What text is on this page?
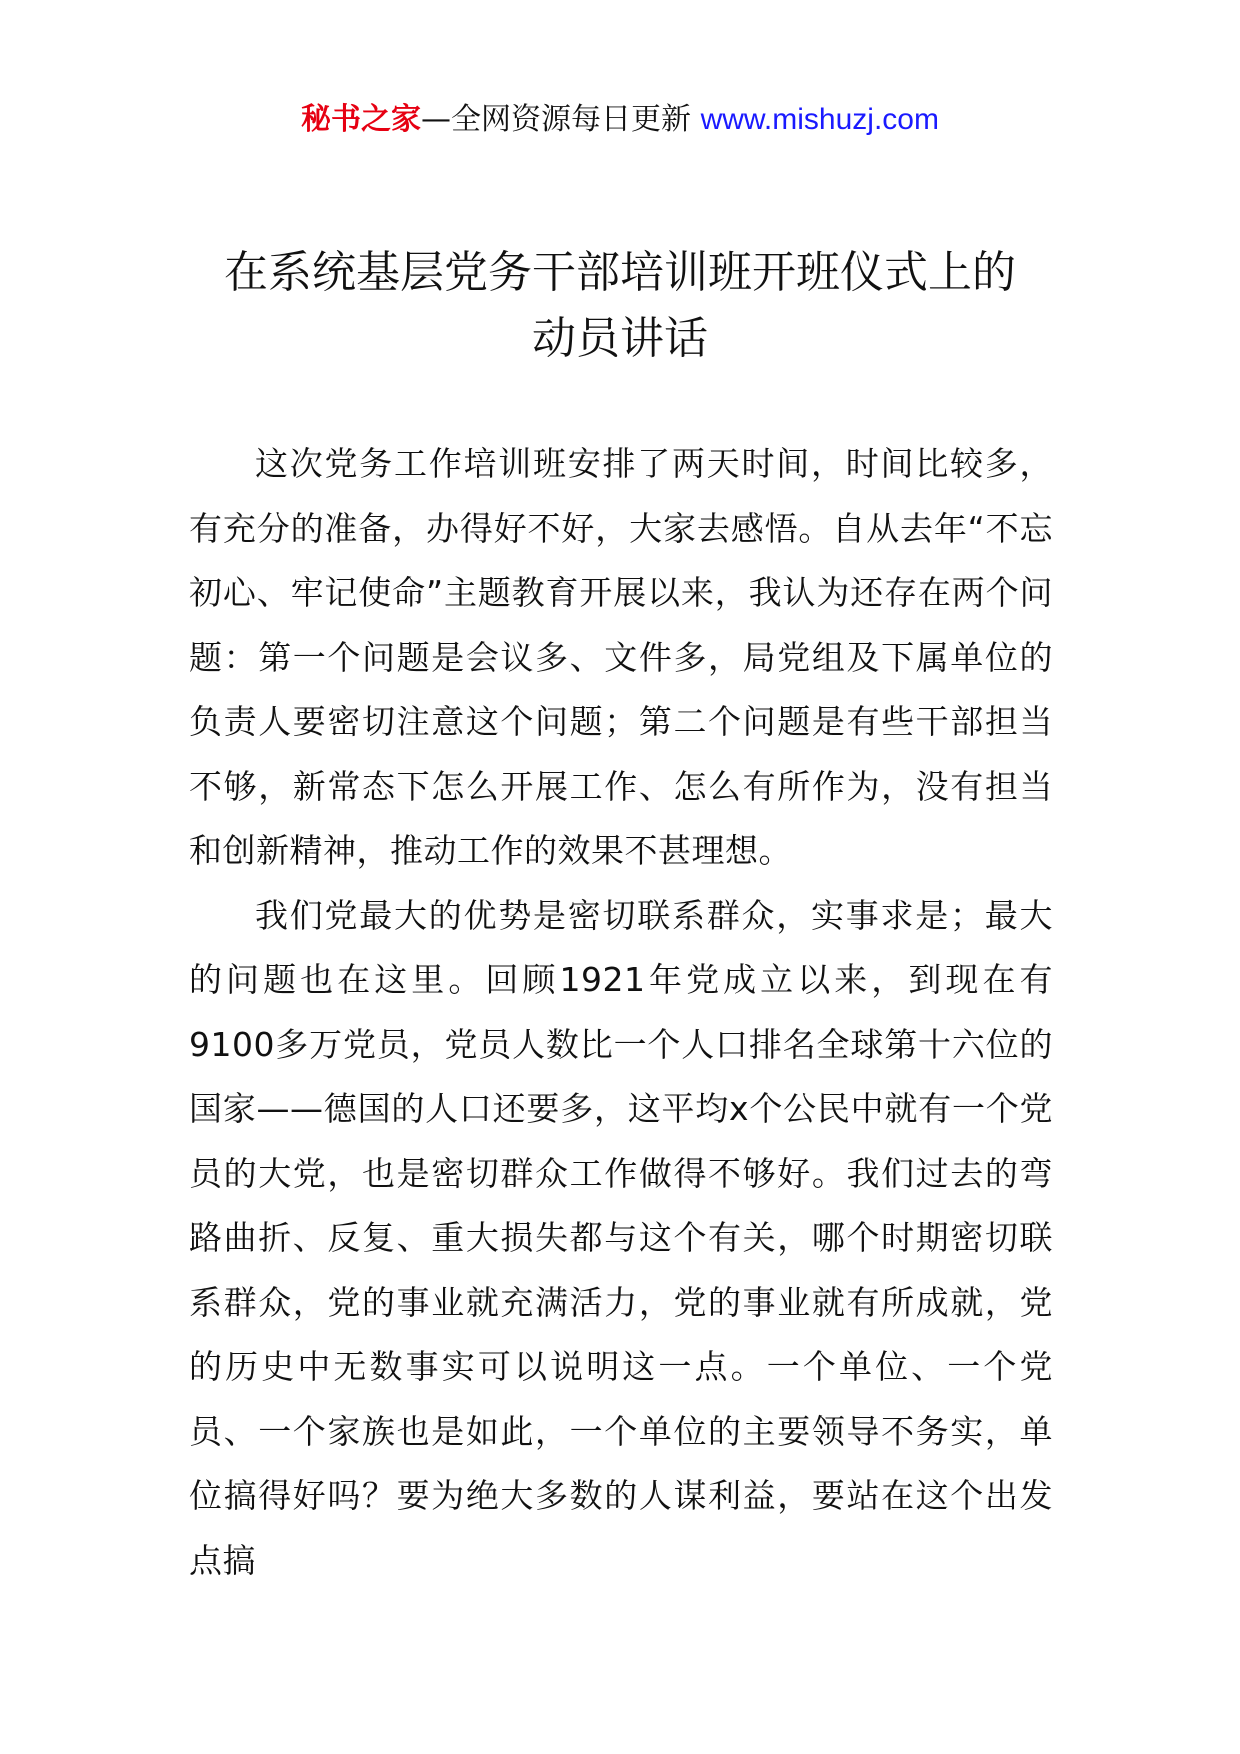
秘书之家—全网资源每日更新 www.mishuzj.com
在系统基层党务干部培训班开班仪式上的
动员讲话

这次党务工作培训班安排了两天时间，时间比较多，有充分的准备，办得好不好，大家去感悟。自从去年“不忘初心、牢记使命”主题教育开展以来，我认为还存在两个问题：第一个问题是会议多、文件多，局党组及下属单位的负责人要密切注意这个问题；第二个问题是有些干部担当不够，新常态下怎么开展工作、怎么有所作为，没有担当和创新精神，推动工作的效果不甚理想。

我们党最大的优势是密切联系群众，实事求是；最大的问题也在这里。回顾1921年党成立以来，到现在有9100多万党员，党员人数比一个人口排名全球第十六位的国家——德国的人口还要多，这平均x个公民中就有一个党员的大党，也是密切群众工作做得不够好。我们过去的弯路曲折、反复、重大损失都与这个有关，哪个时期密切联系群众，党的事业就充满活力，党的事业就有所成就，党的历史中无数事实可以说明这一点。一个单位、一个党员、一个家族也是如此，一个单位的主要领导不务实，单位搞得好吗？要为绝大多数的人谋利益，要站在这个出发点搞
